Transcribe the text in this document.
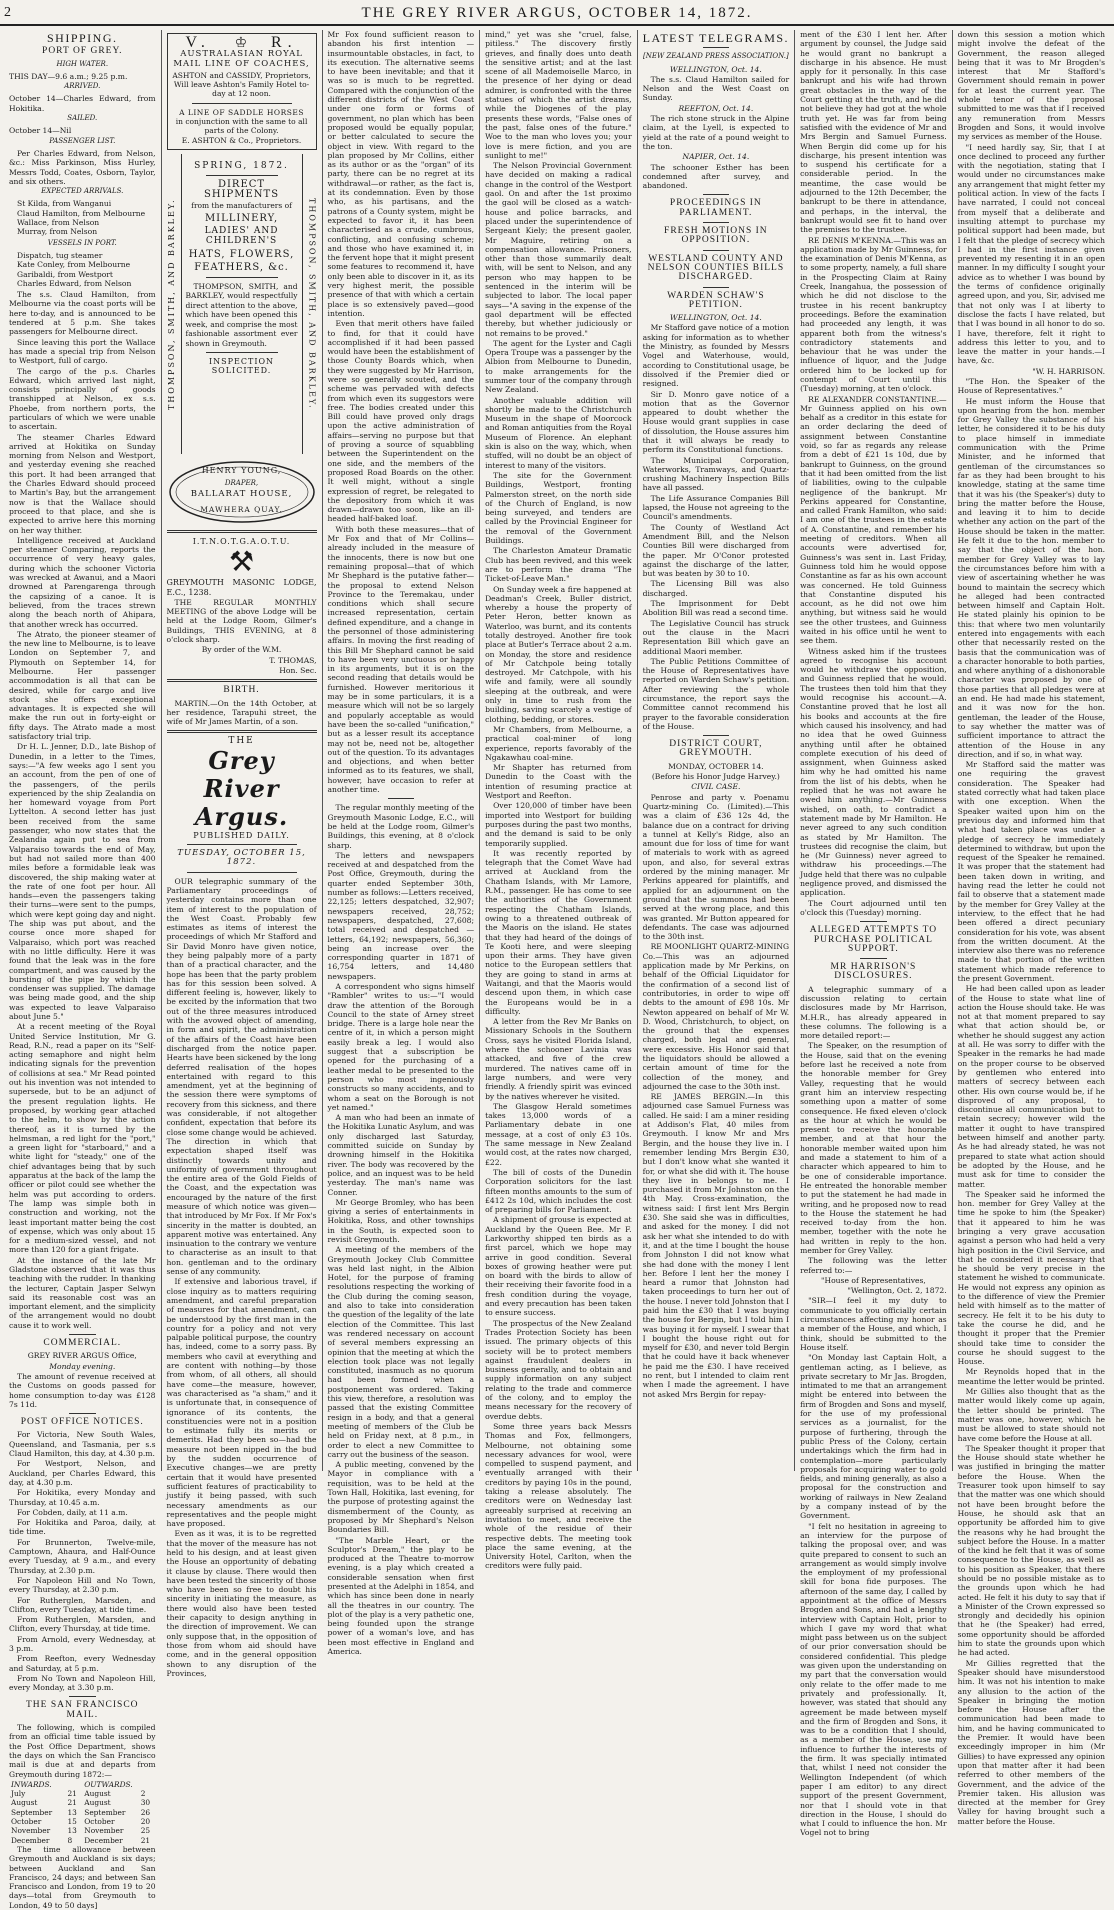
2	THE GREY RIVER ARGUS, OCTOBER 14, 1872.
SHIPPING.
PORT OF GREY.
HIGH WATER.

THIS DAY—9.6 a.m.; 9.25 p.m.

ARRIVED.

October 14—Charles Edward, from Hokitika.

SAILED.

October 14—Nil

PASSENGER LIST.

Per Charles Edward, from Nelson, &c.: Miss Parkinson, Miss Hurley, Messrs Todd, Coates, Osborn, Taylor, and six others.

EXPECTED ARRIVALS.
St Kilda, from Wanganui
Claud Hamilton, from Melbourne
Wallace, from Nelson
Murray, from Nelson
VESSELS IN PORT.
Dispatch, tug steamer
Kate Conley, from Melbourne
Garibaldi, from Westport
Charles Edward, from Nelson

The s.s. Claud Hamilton, from Melbourne via the coast ports will be here to-day, and is announced to be tendered at 5 p.m. She takes passengers for Melbourne direct.

Since leaving this port the Wallace has made a special trip from Nelson to Westport, full of cargo.

The cargo of the p.s. Charles Edward, which arrived last night, consists principally of goods transhipped at Nelson, ex s.s. Phoebe, from northern ports, the particulars of which we were unable to ascertain.

The steamer Charles Edward arrived at Hokitika on Sunday morning from Nelson and Westport, and yesterday evening she reached this port. It had been arranged that the Charles Edward should proceed to Martin's Bay, but the arrangement now is that the Wallace should proceed to that place, and she is expected to arrive here this morning on her way thither.

Intelligence received at Auckland per steamer Comparing, reports the occurrence of very heavy gales, during which the schooner Victoria was wrecked at Awanui, and a Maori drowned at Parengarenga through the capsizing of a canoe. It is believed, from the traces strewn along the beach north of Ahipara, that another wreck has occurred.

The Atrato, the pioneer steamer of the new line to Melbourne, is to leave London on September 7, and Plymouth on September 14, for Melbourne. Her passenger accommodation is all that can be desired, while for cargo and live stock she offers exceptional advantages. It is expected she will make the run out in forty-eight or fifty days. The Atrato made a most satisfactory trial trip.

Dr H. L. Jenner, D.D., late Bishop of Dunedin, in a letter to the Times, says:—"A few weeks ago I sent you an account, from the pen of one of the passengers, of the perils experienced by the ship Zealandia on her homeward voyage from Port Lyttelton. A second letter has just been received from the same passenger, who now states that the Zealandia again put to sea from Valparaiso towards the end of May, but had not sailed more than 400 miles before a formidable leak was discovered, the ship making water at the rate of one foot per hour. All hands—even the passengers taking their turns—were sent to the pumps, which were kept going day and night. The ship was put about, and the course once more shaped for Valparaiso, which port was reached with no little difficulty. Here it was found that the leak was in the fore compartment, and was caused by the bursting of the pipe by which the condenser was supplied. The damage was being made good, and the ship was expected to leave Valparaiso about June 5."

At a recent meeting of the Royal United Service Institution, Mr G. Read, R.N., read a paper on its "Self-acting semaphore and night helm indicating signals for the prevention of collisions at sea." Mr Read pointed out his invention was not intended to supersede, but to be an adjunct of the present regulation lights. He proposed, by working gear attached to the helm, to show by the action thereof, as it is turned by the helmsman, a red light for the "port," a green light for "starboard," and a white light for "steady," one of the chief advantages being that by such apparatus at the back of the lamp the officer or pilot could see whether the helm was put according to orders. The lamp was simple both in construction and working, not the least important matter being the cost of expense, which was only about 15 for a medium-sized vessel, and not more than 120 for a giant frigate.

At the instance of the late Mr Gladstone observed that it was thus teaching with the rudder. In thanking the lecturer, Captain Jasper Selwyn said its reasonable cost was an important element, and the simplicity of the arrangement would no doubt cause it to work well.

COMMERCIAL.

GREY RIVER ARGUS Office,

Monday evening.

The amount of revenue received at the Customs on goods passed for home consumption to-day was £128 7s 11d.

POST OFFICE NOTICES.

For Victoria, New South Wales, Queensland, and Tasmania, per s.s Claud Hamilton, this day, at 4.30 p.m.

For Westport, Nelson, and Auckland, per Charles Edward, this day, at 4.30 p.m.

For Hokitika, every Monday and Thursday, at 10.45 a.m.

For Cobden, daily, at 11 a.m.

For Hokitika and Paroa, daily, at tide time.

For Brunnerton, Twelve-mile, Camptown, Ahaura, and Half-Ounce every Tuesday, at 9 a.m., and every Thursday, at 2.30 p.m.

For Napoleon Hill and No Town, every Thursday, at 2.30 p.m.

For Rutherglen, Marsden, and Clifton, every Tuesday, at tide time.

From Rutherglen, Marsden, and Clifton, every Thursday, at tide time.

From Arnold, every Wednesday, at 3 p.m.

From Reefton, every Wednesday and Saturday, at 5 p.m.

From No Town and Napoleon Hill, every Monday, at 3.30 p.m.

THE SAN FRANCISCO MAIL.

The following, which is compiled from an official time table issued by the Post Office Department, shows the days on which the San Francisco mail is due at and departs from Greymouth during 1872:—

INWARDS.		OUTWARDS.	
July	21	August	2
August	21	August	30
September	13	September	26
October	15	October	20
November	13	November	25
December	8	December	21

The time allowance between Greymouth and Auckland is six days; between Auckland and San Francisco, 24 days; and between San Francisco and London, from 19 to 20 days—total from Greymouth to London, 49 to 50 days]

V. ♔ R.
AUSTRALASIAN ROYAL MAIL LINE OF COACHES,
ASHTON and CASSIDY, Proprietors,
Will leave Ashton's Family Hotel to-day at 12 noon.
A LINE OF SADDLE HORSES
in conjunction with the same to all parts of the Colony.
E. ASHTON & Co., Proprietors.
THOMPSON, SMITH, AND BARKLEY.
SPRING, 1872.
DIRECT SHIPMENTS
from the manufacturers of
MILLINERY,
LADIES' AND CHILDREN'S
HATS, FLOWERS,
FEATHERS, &c.

THOMPSON, SMITH, and BARKLEY, would respectfully direct attention to the above, which have been opened this week, and comprise the most fashionable assortment ever shown in Greymouth.

INSPECTION SOLICITED.	THOMPSON, SMITH, AND BARKLEY.
HENRY YOUNG,
DRAPER,
BALLARAT HOUSE,
MAWHERA QUAY.
I.T.N.O.T.G.A.O.T.U.
⚒

GREYMOUTH MASONIC LODGE, E.C., 1238.

THE REGULAR MONTHLY MEETING of the above Lodge will be held at the Lodge Room, Gilmer's Buildings, THIS EVENING, at 8 o'clock sharp.

By order of the W.M.

T. THOMAS,

Hon. Sec.

BIRTH.

MARTIN.—On the 14th October, at her residence, Tarapuhi street, the wife of Mr James Martin, of a son.

THE
Grey River Argus.
PUBLISHED DAILY.
TUESDAY, OCTOBER 15, 1872.

OUR telegraphic summary of the Parliamentary proceedings of yesterday contains more than one item of interest to the population of the West Coast. Probably few estimates as items of interest the proceedings of which Mr Stafford and Sir David Monro have given notice, they being palpably more of a party than of a practical character, and the hope has been that the party problem has for this session been solved. A different feeling is, however, likely to be excited by the information that two out of the three measures introduced with the avowed object of amending, in form and spirit, the administration of the affairs of the Coast have been discharged from the notice paper. Hearts have been sickened by the long deferred realisation of the hopes entertained with regard to this amendment, yet at the beginning of the session there were symptoms of recovery from this sickness, and there was considerable, if not altogether confident, expectation that before its close some change would be achieved. The direction in which that expectation shaped itself was distinctly towards unity and uniformity of government throughout the entire area of the Gold Fields of the Coast, and the expectation was encouraged by the nature of the first measure of which notice was given—that introduced by Mr Fox. If Mr Fox's sincerity in the matter is doubted, an apparent motive was entertained. Any insinuation to the contrary we venture to characterise as an insult to that hon. gentleman and to the ordinary sense of any community.

If extensive and laborious travel, if close inquiry as to matters requiring amendment, and careful preparation of measures for that amendment, can be understood by the first man in the country for a policy and not very palpable political purpose, the country has, indeed, come to a sorry pass. By members who cavil at everything and are content with nothing—by those from whom, of all others, all should have come—the measure, however, was characterised as "a sham," and it is unfortunate that, in consequence of ignorance of its contents, the constituencies were not in a position to estimate fully its merits or demerits. Had they been so—had the measure not been nipped in the bud by the sudden occurrence of Executive changes—we are pretty certain that it would have presented sufficient features of practicability to justify it being passed, with such necessary amendments as our representatives and the people might have proposed.

Even as it was, it is to be regretted that the mover of the measure has not held to his design, and at least given the House an opportunity of debating it clause by clause. There would then have been tested the sincerity of those who have been so free to doubt his sincerity in initiating the measure, as there would also have been tested their capacity to design anything in the direction of improvement. We can only suppose that, in the opposition of those from whom aid should have come, and in the general opposition shown to any disruption of the Provinces,

Mr Fox found sufficient reason to abandon his first intention — insurmountable obstacles, in fact, to its execution. The alternative seems to have been inevitable; and that it was so is much to be regretted. Compared with the conjunction of the different districts of the West Coast under one form or forms of government, no plan which has been proposed would be equally popular, or better calculated to secure the object in view. With regard to the plan proposed by Mr Collins, either as its author or as the "organ" of its party, there can be no regret at its withdrawal—or rather, as the fact is, at its condemnation. Even by those who, as his partisans, and the patrons of a County system, might be expected to favor it, it has been characterised as a crude, cumbrous, conflicting, and confusing scheme; and those who have examined it, in the fervent hope that it might present some features to recommend it, have only been able to discover in it, as its very highest merit, the possible presence of that with which a certain place is so extensively paved—good intention.

Even that merit others have failed to find, for that it could have accomplished if it had been passed would have been the establishment of those County Boards which, when they were suggested by Mr Harrison, were so generally scouted, and the scheme was pervaded with defects from which even its suggestors were free. The bodies created under this Bill could have proved only drags upon the active administration of affairs—serving no purpose but that of proving a source of squabbling between the Superintendent on the one side, and the members of the proposed Road Boards on the other. It well might, without a single expression of regret, be relegated to the depository from which it was drawn—drawn too soon, like an ill-headed half-baked loaf.

With both these measures—that of Mr Fox and that of Mr Collins—already included in the measure of the innocents, there is now but one remaining proposal—that of which Mr Shephard is the putative father—the proposal to extend Nelson Province to the Teremakau, under conditions which shall secure increased representation, certain defined expenditure, and a change in the personnel of those administering affairs. In moving the first reading of this Bill Mr Shephard cannot be said to have been very unctuous or happy in its arguments, but it is on the second reading that details would be furnished. However meritorious it may be in some particulars, it is a measure which will not be so largely and popularly acceptable as would have been the so-called "unification," but as a lesser result its acceptance may not be, need not be, altogether out of the question. To its advantages and objections, and when better informed as to its features, we shall, however, have occasion to refer at another time.

The regular monthly meeting of the Greymouth Masonic Lodge, E.C., will be held at the Lodge room, Gilmer's Buildings, this evening, at 8 o'clock sharp.

The letters and newspapers received at and despatched from the Post Office, Greymouth, during the quarter ended September 30th, number as follows:—Letters received, 22,125; letters despatched, 32,907; newspapers received, 28,752; newspapers, despatched, 27,608; total received and despatched — letters, 64,192; newspapers, 56,360; being an increase over the corresponding quarter in 1871 of 16,754 letters, and 14,480 newspapers.

A correspondent who signs himself "Rambler" writes to us:—"I would draw the attention of the Borough Council to the state of Arney street bridge. There is a large hole near the centre of it, in which a person might easily break a leg. I would also suggest that a subscription be opened for the purchasing of a leather medal to be presented to the person who most ingeniously constructs so many accidents, and to whom a seat on the Borough is not yet named."

A man who had been an inmate of the Hokitika Lunatic Asylum, and was only discharged last Saturday, committed suicide on Sunday by drowning himself in the Hokitika river. The body was recovered by the police, and an inquest was to be held yesterday. The man's name was Conner.

Mr George Bromley, who has been giving a series of entertainments in Hokitika, Ross, and other townships in the South, is expected soon to revisit Greymouth.

A meeting of the members of the Greymouth Jockey Club Committee was held last night, in the Albion Hotel, for the purpose of framing resolutions respecting the working of the Club during the coming season, and also to take into consideration the question of the legality of the late election of the Committee. This last was rendered necessary on account of several members expressing an opinion that the meeting at which the election took place was not legally constituted, inasmuch as no quorum had been formed when a postponement was ordered. Taking this view, therefore, a resolution was passed that the existing Committee resign in a body, and that a general meeting of members of the Club be held on Friday next, at 8 p.m., in order to elect a new Committee to carry out the business of the season.

A public meeting, convened by the Mayor in compliance with a requisition, was to be held at the Town Hall, Hokitika, last evening, for the purpose of protesting against the dismemberment of the County, as proposed by Mr Shephard's Nelson Boundaries Bill.

"The Marble Heart, or the Sculptor's Dream," the play to be produced at the Theatre to-morrow evening, is a play which created a considerable sensation when first presented at the Adelphi in 1854, and which has since been done in nearly all the theatres in our country. The plot of the play is a very pathetic one, being founded upon the strange power of a woman's love, and has been most effective in England and America.

mind," yet was she "cruel, false, pitiless." The discovery firstly grieves, and finally does unto death the sensitive artist; and at the last scene of all Mademoiselle Marco, in the presence of her dying or dead admirer, is confronted with the three statues of which the artist dreams, while the Diogenes of the play presents these words, "False ones of the past, false ones of the future." Woe to the man who loves you; your love is mere fiction, and you are sunlight to me!"

The Nelson Provincial Government have decided on making a radical change in the control of the Westport gaol. On and after the 1st proximo the gaol will be closed as a watch-house and police barracks, and placed under the superintendence of Sergeant Kiely; the present gaoler, Mr Maguire, retiring on a compensation allowance. Prisoners, other than those summarily dealt with, will be sent to Nelson, and any person who may happen to be sentenced in the interim will be subjected to labor. The local paper says—"A saving in the expense of the gaol department will be effected thereby, but whether judiciously or not remains to be proved."

The agent for the Lyster and Cagli Opera Troupe was a passenger by the Albion from Melbourne to Dunedin, to make arrangements for the summer tour of the company through New Zealand.

Another valuable addition will shortly be made to the Christchurch Museum in the shape of Moorcock and Roman antiquities from the Royal Museum of Florence. An elephant skin is also on the way, which, when stuffed, will no doubt be an object of interest to many of the visitors.

The site for the Government Buildings, Westport, fronting Palmerston street, on the north side of the Church of England, is now being surveyed, and tenders are called by the Provincial Engineer for the removal of the Government Buildings.

The Charleston Amateur Dramatic Club has been revived, and this week are to perform the drama "The Ticket-of-Leave Man."

On Sunday week a fire happened at Deadman's Creek, Buller district, whereby a house the property of Peter Heron, better known as Waterloo, was burnt, and its contents totally destroyed. Another fire took place at Butler's Terrace about 2 a.m. on Monday, the store and residence of Mr Catchpole being totally destroyed. Mr Catchpole, with his wife and family, were all soundly sleeping at the outbreak, and were only in time to rush from the building, saving scarcely a vestige of clothing, bedding, or stores.

Mr Chambers, from Melbourne, a practical coal-miner of long experience, reports favorably of the Ngakawhau coal-mine.

Mr Shapter has returned from Dunedin to the Coast with the intention of resuming practice at Westport and Reefton.

Over 120,000 of timber have been imported into Westport for building purposes during the past two months, and the demand is said to be only temporarily supplied.

It was recently reported by telegraph that the Comet Wave had arrived at Auckland from the Chatham Islands, with Mr Lamore, R.M., passenger. He has come to see the authorities of the Government respecting the Chatham Islands, owing to a threatened outbreak of the Maoris on the island. He states that they had heard of the doings of Te Kooti here, and were sleeping upon their arms. They have given notice to the European settlers that they are going to stand in arms at Waitangi, and that the Maoris would descend upon them, in which case the Europeans would be in a difficulty.

A letter from the Rev Mr Banks on Missionary Schools in the Southern Cross, says he visited Florida Island, where the schooner Lavinia was attacked, and five of the crew murdered. The natives came off in large numbers, and were very friendly. A friendly spirit was evinced by the natives wherever he visited.

The Glasgow Herald sometimes takes 13,000 words of a Parliamentary debate in one message, at a cost of only £3 10s. The same message in New Zealand would cost, at the rates now charged, £22.

The bill of costs of the Dunedin Corporation solicitors for the last fifteen months amounts to the sum of £412 2s 10d, which includes the cost of preparing bills for Parliament.

A shipment of grouse is expected at Auckland by the Queen Bee. Mr F. Larkworthy shipped ten birds as a first parcel, which we hope may arrive in good condition. Several boxes of growing heather were put on board with the birds to allow of their receiving their favorite food in a fresh condition during the voyage, and every precaution has been taken to ensure success.

The prospectus of the New Zealand Trades Protection Society has been issued. The primary objects of this society will be to protect members against fraudulent dealers in business generally, and to obtain and supply information on any subject relating to the trade and commerce of the colony, and to employ the means necessary for the recovery of overdue debts.

Some three years back Messrs Thomas and Fox, fellmongers, Melbourne, not obtaining some necessary advances for wool, were compelled to suspend payment, and eventually arranged with their creditors by paying 10s in the pound, taking a release absolutely. The creditors were on Wednesday last agreeably surprised at receiving an invitation to meet, and receive the whole of the residue of their respective debts. The meeting took place the same evening, at the University Hotel, Carlton, when the creditors were fully paid.

LATEST TELEGRAMS.
[NEW ZEALAND PRESS ASSOCIATION.]

WELLINGTON, Oct. 14.

The s.s. Claud Hamilton sailed for Nelson and the West Coast on Sunday.

REEFTON, Oct. 14.

The rich stone struck in the Alpine claim, at the Lyell, is expected to yield at the rate of a pound weight to the ton.

NAPIER, Oct. 14.

The schooner Esther has been condemned after survey, and abandoned.

PROCEEDINGS IN PARLIAMENT.
FRESH MOTIONS IN OPPOSITION.
WESTLAND COUNTY AND NELSON COUNTIES BILLS DISCHARGED.
WARDEN SCHAW'S PETITION.

WELLINGTON, Oct. 14.

Mr Stafford gave notice of a motion asking for information as to whether the Ministry, as founded by Messrs Vogel and Waterhouse, would, according to Constitutional usage, be dissolved if the Premier died or resigned.

Sir D. Monro gave notice of a motion that as the Governor appeared to doubt whether the House would grant supplies in case of dissolution, the House assures him that it will always be ready to perform its Constitutional functions.

The Municipal Corporation, Waterworks, Tramways, and Quartz-crushing Machinery Inspection Bills have all passed.

The Life Assurance Companies Bill lapsed, the House not agreeing to the Council's amendments.

The County of Westland Act Amendment Bill, and the Nelson Counties Bill were discharged from the paper. Mr O'Conor protested against the discharge of the latter, but was beaten by 30 to 10.

The Licensing Bill was also discharged.

The Imprisonment for Debt Abolition Bill was read a second time.

The Legislative Council has struck out the clause in the Macri Representation Bill which gave an additional Maori member.

The Public Petitions Committee of the House of Representatives have reported on Warden Schaw's petition. After reviewing the whole circumstance, the report says the Committee cannot recommend his prayer to the favorable consideration of the House.

DISTRICT COURT, GREYMOUTH.

MONDAY, OCTOBER 14.

(Before his Honor Judge Harvey.)

CIVIL CASE.

Penrose and party v. Poenamu Quartz-mining Co. (Limited).—This was a claim of £36 12s 4d, the balance due on a contract for driving a tunnel at Kelly's Ridge, also an amount due for loss of time for want of materials to work with as agreed upon, and also, for several extras ordered by the mining manager. Mr Perkins appeared for plaintiffs, and applied for an adjournment on the ground that the summons had been served at the wrong place, and this was granted. Mr Button appeared for defendants. The case was adjourned to the 30th inst.

RE MOONLIGHT QUARTZ-MINING Co.—This was an adjourned application made by Mr Perkins, on behalf of the Official Liquidator for the confirmation of a second list of contributories, in order to wipe off debts to the amount of £98 10s. Mr Newton appeared on behalf of Mr W. D. Wood, Christchurch, to object, on the ground that the expenses charged, both legal and general, were excessive. His Honor said that the liquidators should be allowed a certain amount of time for the collection of the money, and adjourned the case to the 30th inst.

RE JAMES BERGIN.—In this adjourned case Samuel Furness was called. He said: I am a miner residing at Addison's Flat, 40 miles from Greymouth. I know Mr and Mrs Bergin, and the house they live in. I remember lending Mrs Bergin £30, but I don't know what she wanted it for, or what she did with it. The house they live in belongs to me. I purchased it from Mr Johnston on the 4th May. Cross-examination, the witness said: I first lent Mrs Bergin £30. She said she was in difficulties, and asked for the money. I did not ask her what she intended to do with it, and at the time I bought the house from Johnston I did not know what she had done with the money I lent her. Before I lent her the money I heard a rumor that Johnston had taken proceedings to turn her out of the house. I never told Johnston that I paid him the £30 that I was buying the house for Bergin, but I told him I was buying it for myself. I swear that I bought the house right out for myself for £30, and never told Bergin that he could have it back whenever he paid me the £30. I have received no rent, but I intended to claim rent when I made the agreement. I have not asked Mrs Bergin for repay-

ment of the £30 I lent her. After argument by counsel, the Judge said he would grant no bankrupt a discharge in his absence. He must apply for it personally. In this case bankrupt and his wife had thrown great obstacles in the way of the Court getting at the truth, and he did not believe they had got at the whole truth yet. He was far from being satisfied with the evidence of Mr and Mrs Bergin and Samuel Furness. When Bergin did come up for his discharge, his present intention was to suspend his certificate for a considerable period. In the meantime, the case would be adjourned to the 12th December, the bankrupt to be there in attendance, and perhaps, in the interval, the bankrupt would see fit to hand over the premises to the trustee.

RE DENIS M'KENNA.—This was an application made by Mr Guinness, for the examination of Denis M'Kenna, as to some property, namely, a full share in the Prospecting Claim at Rainy Creek, Inangahua, the possession of which he did not disclose to the trustee in his recent bankruptcy proceedings. Before the examination had proceeded any length, it was apparent both from the witness's contradictory statements and behaviour that he was under the influence of liquor, and the Judge ordered him to be locked up for contempt of Court until this (Tuesday) morning, at ten o'clock.

RE ALEXANDER CONSTANTINE.—Mr Guinness applied on his own behalf as a creditor in this estate for an order declaring the deed of assignment between Constantine void, so far as regards any release from a debt of £21 1s 10d, due by bankrupt to Guinness, on the ground that it had been omitted from the list of liabilities, owing to the culpable negligence of the bankrupt. Mr Perkins appeared for Constantine, and called Frank Hamilton, who said: I am one of the trustees in the estate of A. Constantine, and remember his meeting of creditors. When all accounts were advertised for, Guinness's was sent in. Last Friday, Guinness told him he would oppose Constantine as far as his own account was concerned. He told Guinness that Constantine disputed his account, as he did not owe him anything, but witness said he would see the other trustees, and Guinness waited in his office until he went to see them.

Witness asked him if the trustees agreed to recognise his account would he withdraw the opposition, and Guinness replied that he would. The trustees then told him that they would recognise his account.—A. Constantine proved that he lost all his books and accounts at the fire which caused his insolvency, and had no idea that he owed Guinness anything until after he obtained complete execution of his deed of assignment, when Guinness asked him why he had omitted his name from the list of his debts, when he replied that he was not aware he owed him anything.—Mr Guinness wished, on oath, to contradict a statement made by Mr Hamilton. He never agreed to any such condition as stated by Mr Hamilton. The trustees did recognise the claim, but he (Mr Guinness) never agreed to withdraw his proceedings.—The Judge held that there was no culpable negligence proved, and dismissed the application.

The Court adjourned until ten o'clock this (Tuesday) morning.

ALLEGED ATTEMPTS TO PURCHASE POLITICAL SUPPORT.
MR HARRISON'S DISCLOSURES.

A telegraphic summary of a discussion relating to certain disclosures made by Mr Harrison, M.H.R., has already appeared in these columns. The following is a more detailed report:—

The Speaker, on the resumption of the House, said that on the evening before last he received a note from the honorable member for Grey Valley, requesting that he would grant him an interview respecting something upon a matter of some consequence. He fixed eleven o'clock as the hour at which he would be present to receive the honorable member, and at that hour the honorable member waited upon him and made a statement to him of a character which appeared to him to be one of considerable importance. He entreated the honorable member to put the statement he had made in writing, and he proposed now to read to the House the statement he had received to-day from the hon. member, together with the note he had written in reply to the hon. member for Grey Valley.

The following was the letter referred to:—

"House of Representatives,

"Wellington, Oct. 2, 1872.

"SIR—I feel it my duty to communicate to you officially certain circumstances affecting my honor as a member of the House, and which, I think, should be submitted to the House itself.

"On Monday last Captain Holt, a gentleman acting, as I believe, as private secretary to Mr Jas. Brogden, intimated to me that an arrangement might be entered into between the firm of Brogden and Sons and myself, for the use of my professional services as a journalist, for the purpose of furthering, through the public Press of the Colony, certain undertakings which the firm had in contemplation—more particularly proposals for acquiring water to gold fields, and mining generally, as also a proposal for the construction and working of railways in New Zealand by a company instead of by the Government.

"I felt no hesitation in agreeing to an interview for the purpose of talking the proposal over, and was quite prepared to consent to such an arrangement as would simply involve the employment of my professional skill for bona fide purposes. The afternoon of the same day, I called by appointment at the office of Messrs Brogden and Sons, and had a lengthy interview with Captain Holt, prior to which I gave my word that what might pass between us on the subject of our prior conversation should be considered confidential. This pledge was given upon the understanding on my part that the conversation would only relate to the offer made to me privately and professionally. It, however, was stated that should any agreement be made between myself and the firm of Brogden and Sons, it was to be a condition that I should, as a member of the House, use my influence to further the interests of the firm. It was specially intimated that, whilst I need not consider the Wellington Independent (of which paper I am editor) to any direct support of the present Government, nor that I should vote in that direction in the House, I should do what I could to influence the hon. Mr Vogel not to bring

down this session a motion which might involve the defeat of the Government, the reason alleged being that it was to Mr Brogden's interest that Mr Stafford's Government should remain in power for at least the current year. The whole tenor of the proposal submitted to me was that if I received any remuneration from Messrs Brogden and Sons, it would involve my services as member of the House.

"I need hardly say, Sir, that I at once declined to proceed any further with the negotiation, stating that I would under no circumstances make any arrangement that might fetter my political action. In view of the facts I have narrated, I could not conceal from myself that a deliberate and insulting attempt to purchase my political support had been made, but I felt that the pledge of secrecy which I had in the first instance given prevented my resenting it in an open manner. In my difficulty I sought your advice as to whether I was bound by the terms of confidence originally agreed upon, and you, Sir, advised me that not only was I at liberty to disclose the facts I have related, but that I was bound in all honor to do so. I have, therefore, felt it right to address this letter to you, and to leave the matter in your hands.—I have, &c.

"W. H. HARRISON.

"The Hon. the Speaker of the House of Representatives."

He must inform the House that upon hearing from the hon. member for Grey Valley the substance of his letter, he considered it to be his duty to place himself in immediate communication with the Prime Minister, and he informed that gentleman of the circumstances so far as they had been brought to his knowledge, stating at the same time that it was his (the Speaker's) duty to bring the matter before the House, and leaving it to him to decide whether any action on the part of the House should be taken in the matter. He felt it due to the hon. member to say that the object of the hon. member for Grey Valley was to lay the circumstances before him with a view of ascertaining whether he was bound to maintain the secrecy which he alleged had been contracted between himself and Captain Holt. He stated plainly his opinion to be this: that where two men voluntarily entered into engagements with each other that necessarily rested on the basis that the communication was of a character honorable to both parties, and where anything of a dishonorable character was proposed by one of those parties that all pledges were at an end. He had made his statement, and it was now for the hon. gentleman, the leader of the House, to say whether the matter was of sufficient importance to attract the attention of the House in any direction, and if so, in what way.

Mr Stafford said the matter was one requiring the gravest consideration. The Speaker had stated correctly what had taken place with one exception. When the Speaker waited upon him on the previous day and informed him that what had taken place was under a pledge of secrecy he immediately determined to withdraw, but upon the request of the Speaker he remained. It was proper that the statement had been taken down in writing, and having read the letter he could not fail to observe that a statement made by the member for Grey Valley at the interview, to the effect that he had been offered a direct pecuniary consideration for his vote, was absent from the written document. At the interview also there was no reference made to that portion of the written statement which made reference to the present Government.

He had been called upon as leader of the House to state what line of action the House should take. He was not at that moment prepared to say what that action should be, or whether he should suggest any action at all. He was sorry to differ with the Speaker in the remarks he had made on the proper course to be observed by gentlemen who entered into matters of secrecy between each other. His own course would be, if he disproved of any proposal, to discontinue all communication but to retain secrecy; however wild the matter it ought to have transpired between himself and another party. As he had already stated, he was not prepared to state what action should be adopted by the House, and he must ask for time to consider the matter.

The Speaker said he informed the hon. member for Grey Valley at the time he spoke to him (the Speaker) that it appeared to him he was bringing a very grave accusation against a person who had held a very high position in the Civil Service, and that he considered it necessary that he should be very precise in the statement he wished to communicate. He would not express any opinion as to the difference of view the Premier held with himself as to the matter of secrecy. He felt it to be his duty to take the course he did, and he thought it proper that the Premier should take time to consider the course he should suggest to the House.

Mr Reynolds hoped that in the meantime the letter would be printed.

Mr Gillies also thought that as the matter would likely come up again, the letter should be printed. The matter was one, however, which he must be allowed to state should not have come before the House at all.

The Speaker thought it proper that the House should state whether he was justified in bringing the matter before the House. When the Treasurer took upon himself to say that the matter was one which should not have been brought before the House, he should ask that an opportunity be afforded him to give the reasons why he had brought the subject before the House. In a matter of the kind he felt that it was of some consequence to the House, as well as to his position as Speaker, that there should be no possible mistake as to the grounds upon which he had acted. He felt it his duty to say that if a Minister of the Crown expressed so strongly and decidedly his opinion that he (the Speaker) had erred, some opportunity should be afforded him to state the grounds upon which he had acted.

Mr Gillies regretted that the Speaker should have misunderstood him. It was not his intention to make any allusion to the action of the Speaker in bringing the motion before the House after the communication had been made to him, and he having communicated to the Premier. It would have been exceedingly improper in him (Mr Gillies) to have expressed any opinion upon that matter after it had been referred to other members of the Government, and the advice of the Premier taken. His allusion was directed at the member for Grey Valley for having brought such a matter before the House.
